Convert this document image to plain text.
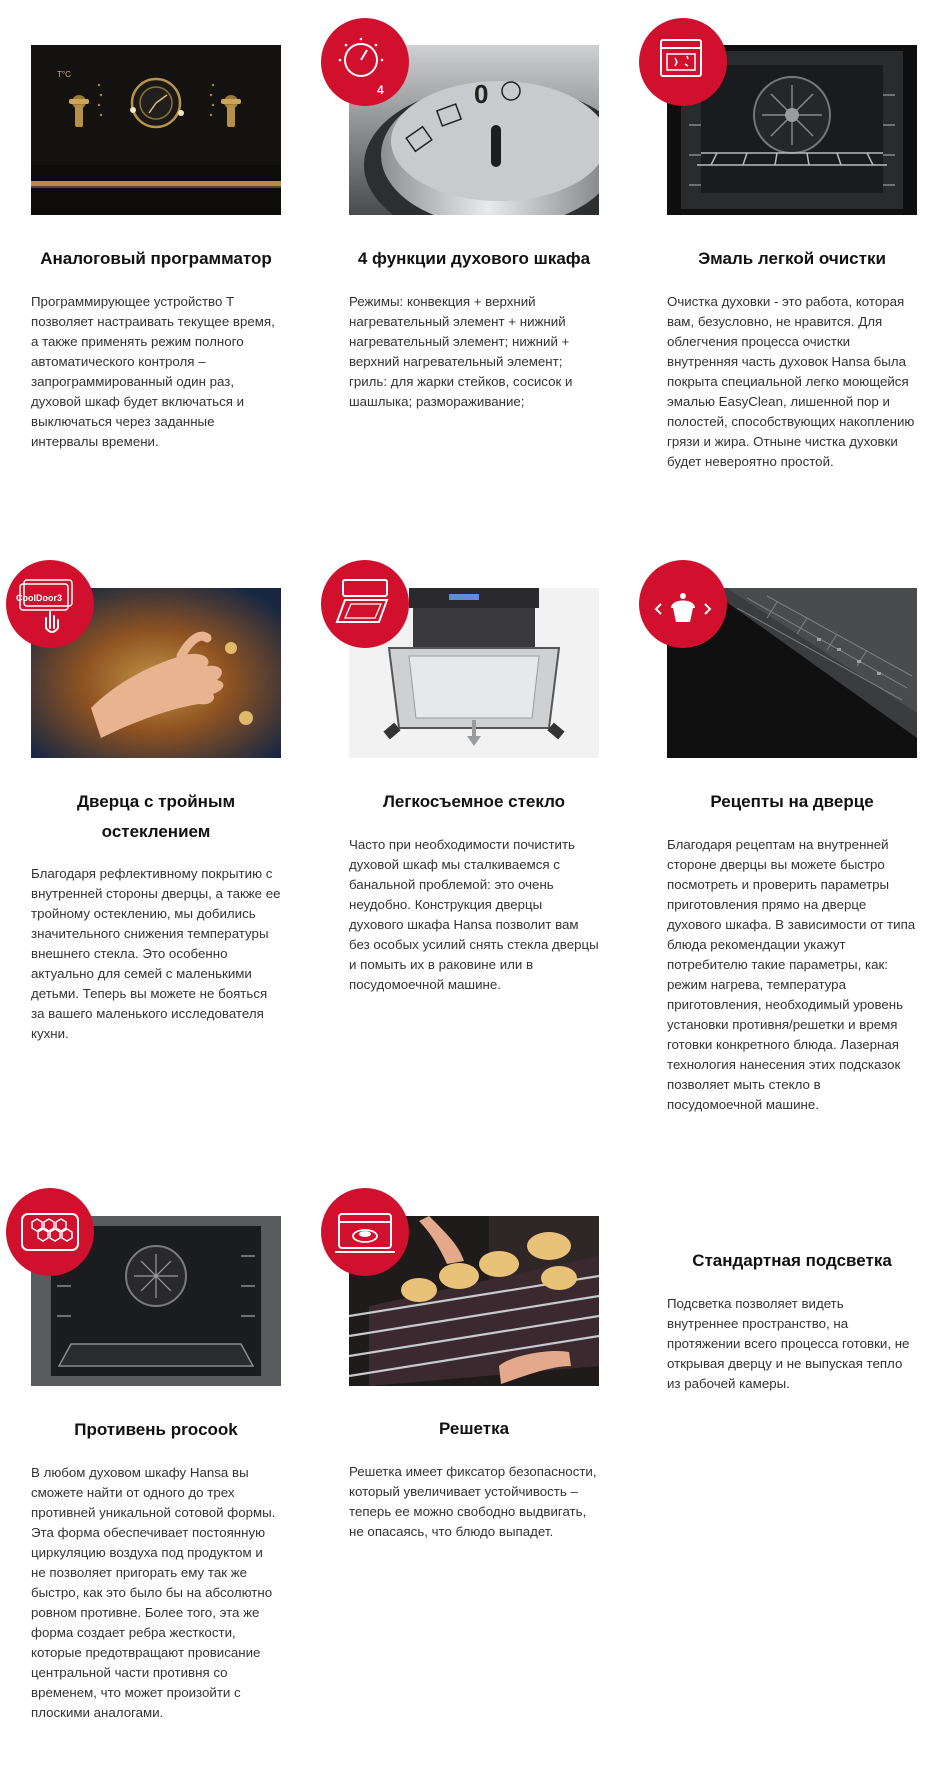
T°C
Аналоговый программатор
Программирующее устройство Т позволяет настраивать текущее время, а также применять режим полного автоматического контроля – запрограммированный один раз, духовой шкаф будет включаться и выключаться через заданные интервалы времени.
0
4
4 функции духового шкафа
Режимы: конвекция + верхний нагревательный элемент + нижний нагревательный элемент; нижний + верхний нагревательный элемент; гриль: для жарки стейков, сосисок и шашлыка; размораживание;
Эмаль легкой очистки
Очистка духовки - это работа, которая вам, безусловно, не нравится. Для облегчения процесса очистки внутренняя часть духовок Hansa была покрыта специальной легко моющейся эмалью EasyClean, лишенной пор и полостей, способствующих накоплению грязи и жира. Отныне чистка духовки будет невероятно простой.
CoolDoor3
Дверца с тройным остеклением
Благодаря рефлективному покрытию с внутренней стороны дверцы, а также ее тройному остеклению, мы добились значительного снижения температуры внешнего стекла. Это особенно актуально для семей с маленькими детьми. Теперь вы можете не бояться за вашего маленького исследователя кухни.
Легкосъемное стекло
Часто при необходимости почистить духовой шкаф мы сталкиваемся с банальной проблемой: это очень неудобно. Конструкция дверцы духового шкафа Hansa позволит вам без особых усилий снять стекла дверцы и помыть их в раковине или в посудомоечной машине.
Рецепты на дверце
Благодаря рецептам на внутренней стороне дверцы вы можете быстро посмотреть и проверить параметры приготовления прямо на дверце духового шкафа. В зависимости от типа блюда рекомендации укажут потребителю такие параметры, как: режим нагрева, температура приготовления, необходимый уровень установки противня/решетки и время готовки конкретного блюда. Лазерная технология нанесения этих подсказок позволяет мыть стекло в посудомоечной машине.
Противень procook
В любом духовом шкафу Hansa вы сможете найти от одного до трех противней уникальной сотовой формы. Эта форма обеспечивает постоянную циркуляцию воздуха под продуктом и не позволяет пригорать ему так же быстро, как это было бы на абсолютно ровном противне. Более того, эта же форма создает ребра жесткости, которые предотвращают провисание центральной части противня со временем, что может произойти с плоскими аналогами.
Решетка
Решетка имеет фиксатор безопасности, который увеличивает устойчивость – теперь ее можно свободно выдвигать, не опасаясь, что блюдо выпадет.
Стандартная подсветка
Подсветка позволяет видеть внутреннее пространство, на протяжении всего процесса готовки, не открывая дверцу и не выпуская тепло из рабочей камеры.
